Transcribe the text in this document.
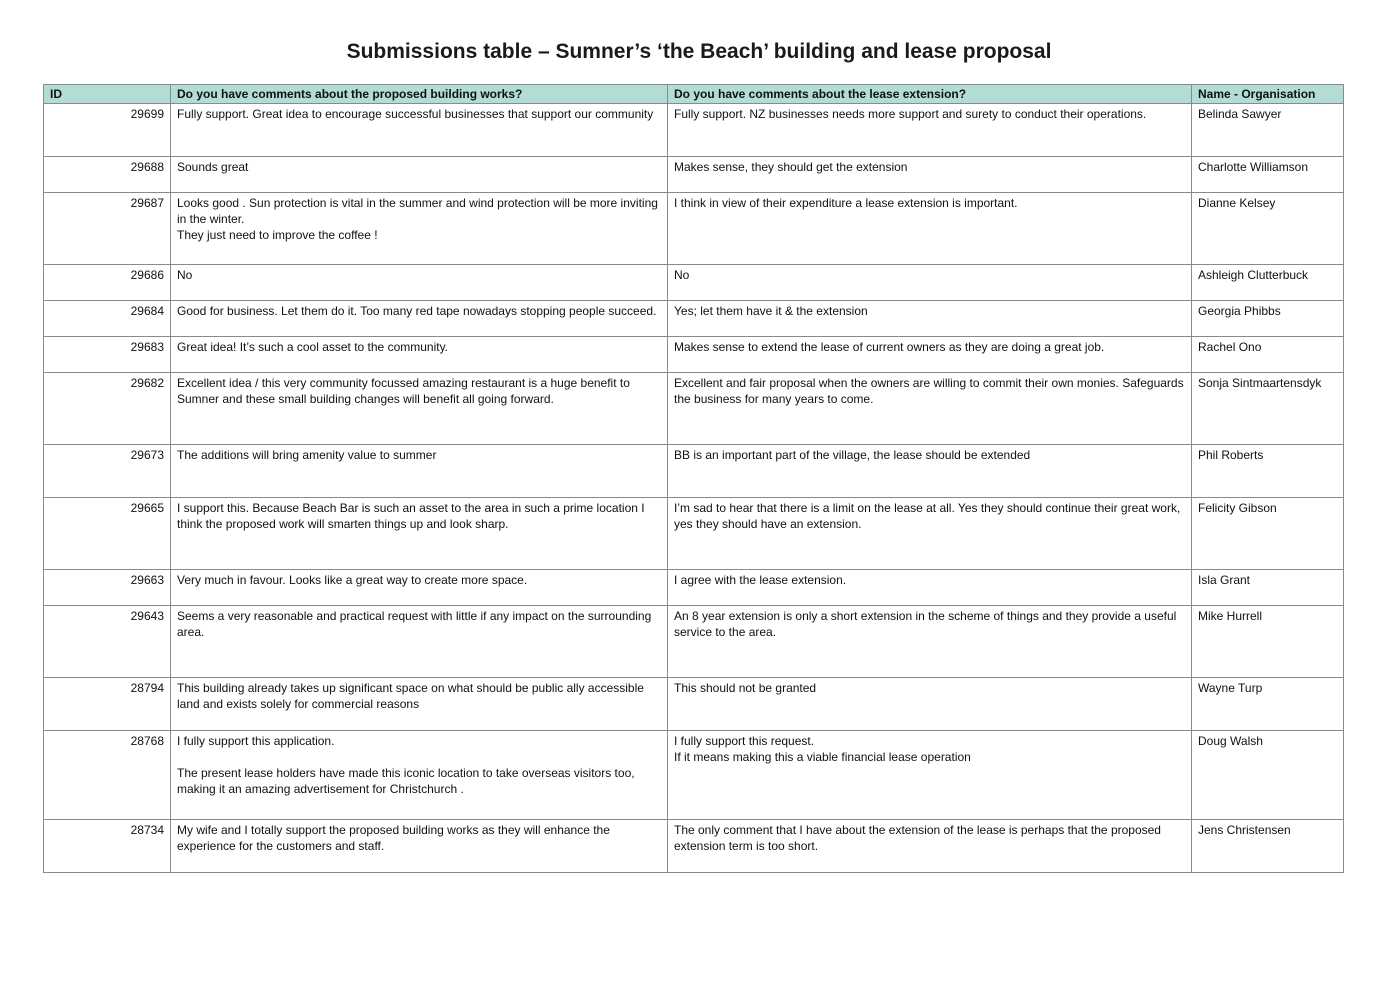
Submissions table – Sumner’s ‘the Beach’ building and lease proposal
ID	Do you have comments about the proposed building works?	Do you have comments about the lease extension?	Name - Organisation
29699	Fully support. Great idea to encourage successful businesses that support our community	Fully support. NZ businesses needs more support and surety to conduct their operations.	Belinda Sawyer
29688	Sounds great	Makes sense, they should get the extension	Charlotte Williamson
29687	Looks good . Sun protection is vital in the summer and wind protection will be more inviting in the winter.
They just need to improve the coffee !	I think in view of their expenditure a lease extension is important.	Dianne Kelsey
29686	No	No	Ashleigh Clutterbuck
29684	Good for business. Let them do it. Too many red tape nowadays stopping people succeed.	Yes; let them have it & the extension	Georgia Phibbs
29683	Great idea! It’s such a cool asset to the community.	Makes sense to extend the lease of current owners as they are doing a great job.	Rachel Ono
29682	Excellent idea / this very community focussed amazing restaurant is a huge benefit to Sumner and these small building changes will benefit all going forward.	Excellent and fair proposal when the owners are willing to commit their own monies. Safeguards the business for many years to come.	Sonja Sintmaartensdyk
29673	The additions will bring amenity value to summer	BB is an important part of the village, the lease should be extended	Phil Roberts
29665	I support this. Because Beach Bar is such an asset to the area in such a prime location I think the proposed work will smarten things up and look sharp.	I’m sad to hear that there is a limit on the lease at all. Yes they should continue their great work, yes they should have an extension.	Felicity Gibson
29663	Very much in favour. Looks like a great way to create more space.	I agree with the lease extension.	Isla Grant
29643	Seems a very reasonable and practical request with little if any impact on the surrounding area.	An 8 year extension is only a short extension in the scheme of things and they provide a useful service to the area.	Mike Hurrell
28794	This building already takes up significant space on what should be public ally accessible land and exists solely for commercial reasons	This should not be granted	Wayne Turp
28768	I fully support this application.
The present lease holders have made this iconic location to take overseas visitors too, making it an amazing advertisement for Christchurch .	I fully support this request.
If it means making this a viable financial lease operation	Doug Walsh
28734	My wife and I totally support the proposed building works as they will enhance the experience for the customers and staff.	The only comment that I have about the extension of the lease is perhaps that the proposed extension term is too short.	Jens Christensen
